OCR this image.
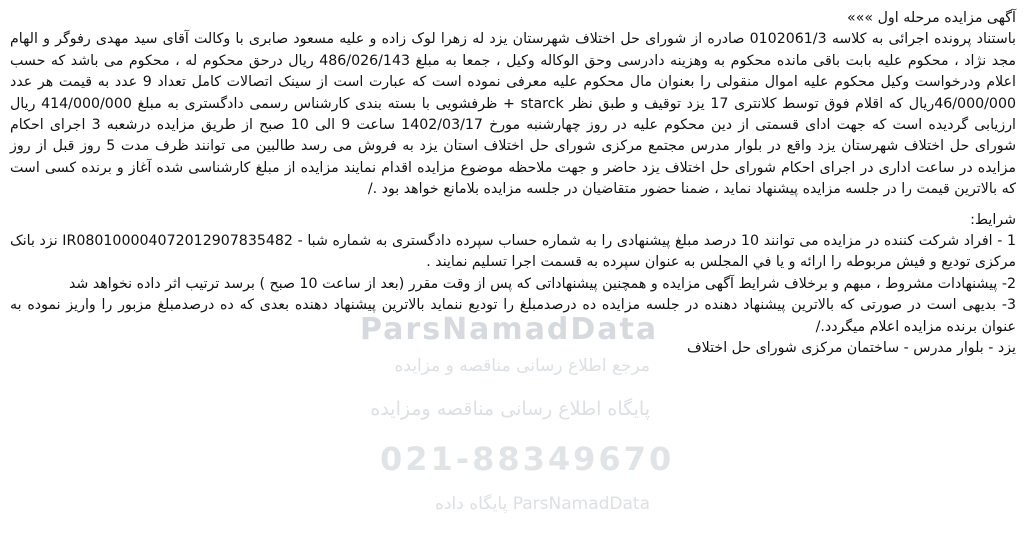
ParsNamadData
مرجع اطلاع رسانی مناقصه و مزایده
پایگاه اطلاع رسانی مناقصه ومزایده
021-88349670
ParsNamadData پایگاه داده

آگهی مزایده مرحله اول »»»

باستناد پرونده اجرائی به کلاسه 0102061/3 صادره از شورای حل اختلاف شهرستان یزد له زهرا لوک زاده و علیه مسعود صابری با وکالت آقای سید مهدی رفوگر و الهام مجد نژاد ، محکوم علیه بابت باقی مانده محکوم به وهزینه دادرسی وحق الوکاله وکیل ، جمعا به مبلغ 486/026/143 ریال درحق محکوم له ، محکوم می باشد که حسب اعلام ودرخواست وکیل محکوم علیه اموال منقولی را بعنوان مال محکوم علیه معرفی نموده است که عبارت است از سینک اتصالات کامل تعداد 9 عدد به قیمت هر عدد 46/000/000ریال که اقلام فوق توسط کلانتری 17 یزد توقیف و طبق نظر starck + ظرفشویی با بسته بندی کارشناس رسمی دادگستری به مبلغ 414/000/000 ریال ارزیابی گردیده است که جهت ادای قسمتی از دین محکوم علیه در روز چهارشنبه مورخ 1402/03/17 ساعت 9 الی 10 صبح از طریق مزایده درشعبه 3 اجرای احکام شورای حل اختلاف شهرستان یزد واقع در بلوار مدرس مجتمع مرکزی شورای حل اختلاف استان یزد به فروش می رسد طالبین می توانند ظرف مدت 5 روز قبل از روز مزایده در ساعت اداری در اجرای احکام شورای حل اختلاف یزد حاضر و جهت ملاحظه موضوع مزایده اقدام نمایند مزایده از مبلغ کارشناسی شده آغاز و برنده کسی است که بالاترین قیمت را در جلسه مزایده پیشنهاد نماید ، ضمنا حضور متقاضیان در جلسه مزایده بلامانع خواهد بود ./

شرایط:

1 - افراد شرکت کننده در مزایده می توانند 10 درصد مبلغ پیشنهادی را به شماره حساب سپرده دادگستری به شماره شبا - IR080100004072012907835482 نزد بانک مرکزی توديع و فيش مربوطه را ارائه و يا في المجلس به عنوان سپرده به قسمت اجرا تسليم نمايند .

2- پیشنهادات مشروط ، مبهم و برخلاف شرایط آگهی مزایده و همچنین پیشنهاداتی که پس از وقت مقرر (بعد از ساعت 10 صبح ) برسد ترتیب اثر داده نخواهد شد

3- بدیهی است در صورتی که بالاترین پیشنهاد دهنده در جلسه مزایده ده درصدمبلغ را تودیع ننماید بالاترین پیشنهاد دهنده بعدی که ده درصدمبلغ مزبور را واریز نموده به عنوان برنده مزایده اعلام میگردد./

یزد - بلوار مدرس - ساختمان مرکزی شورای حل اختلاف
